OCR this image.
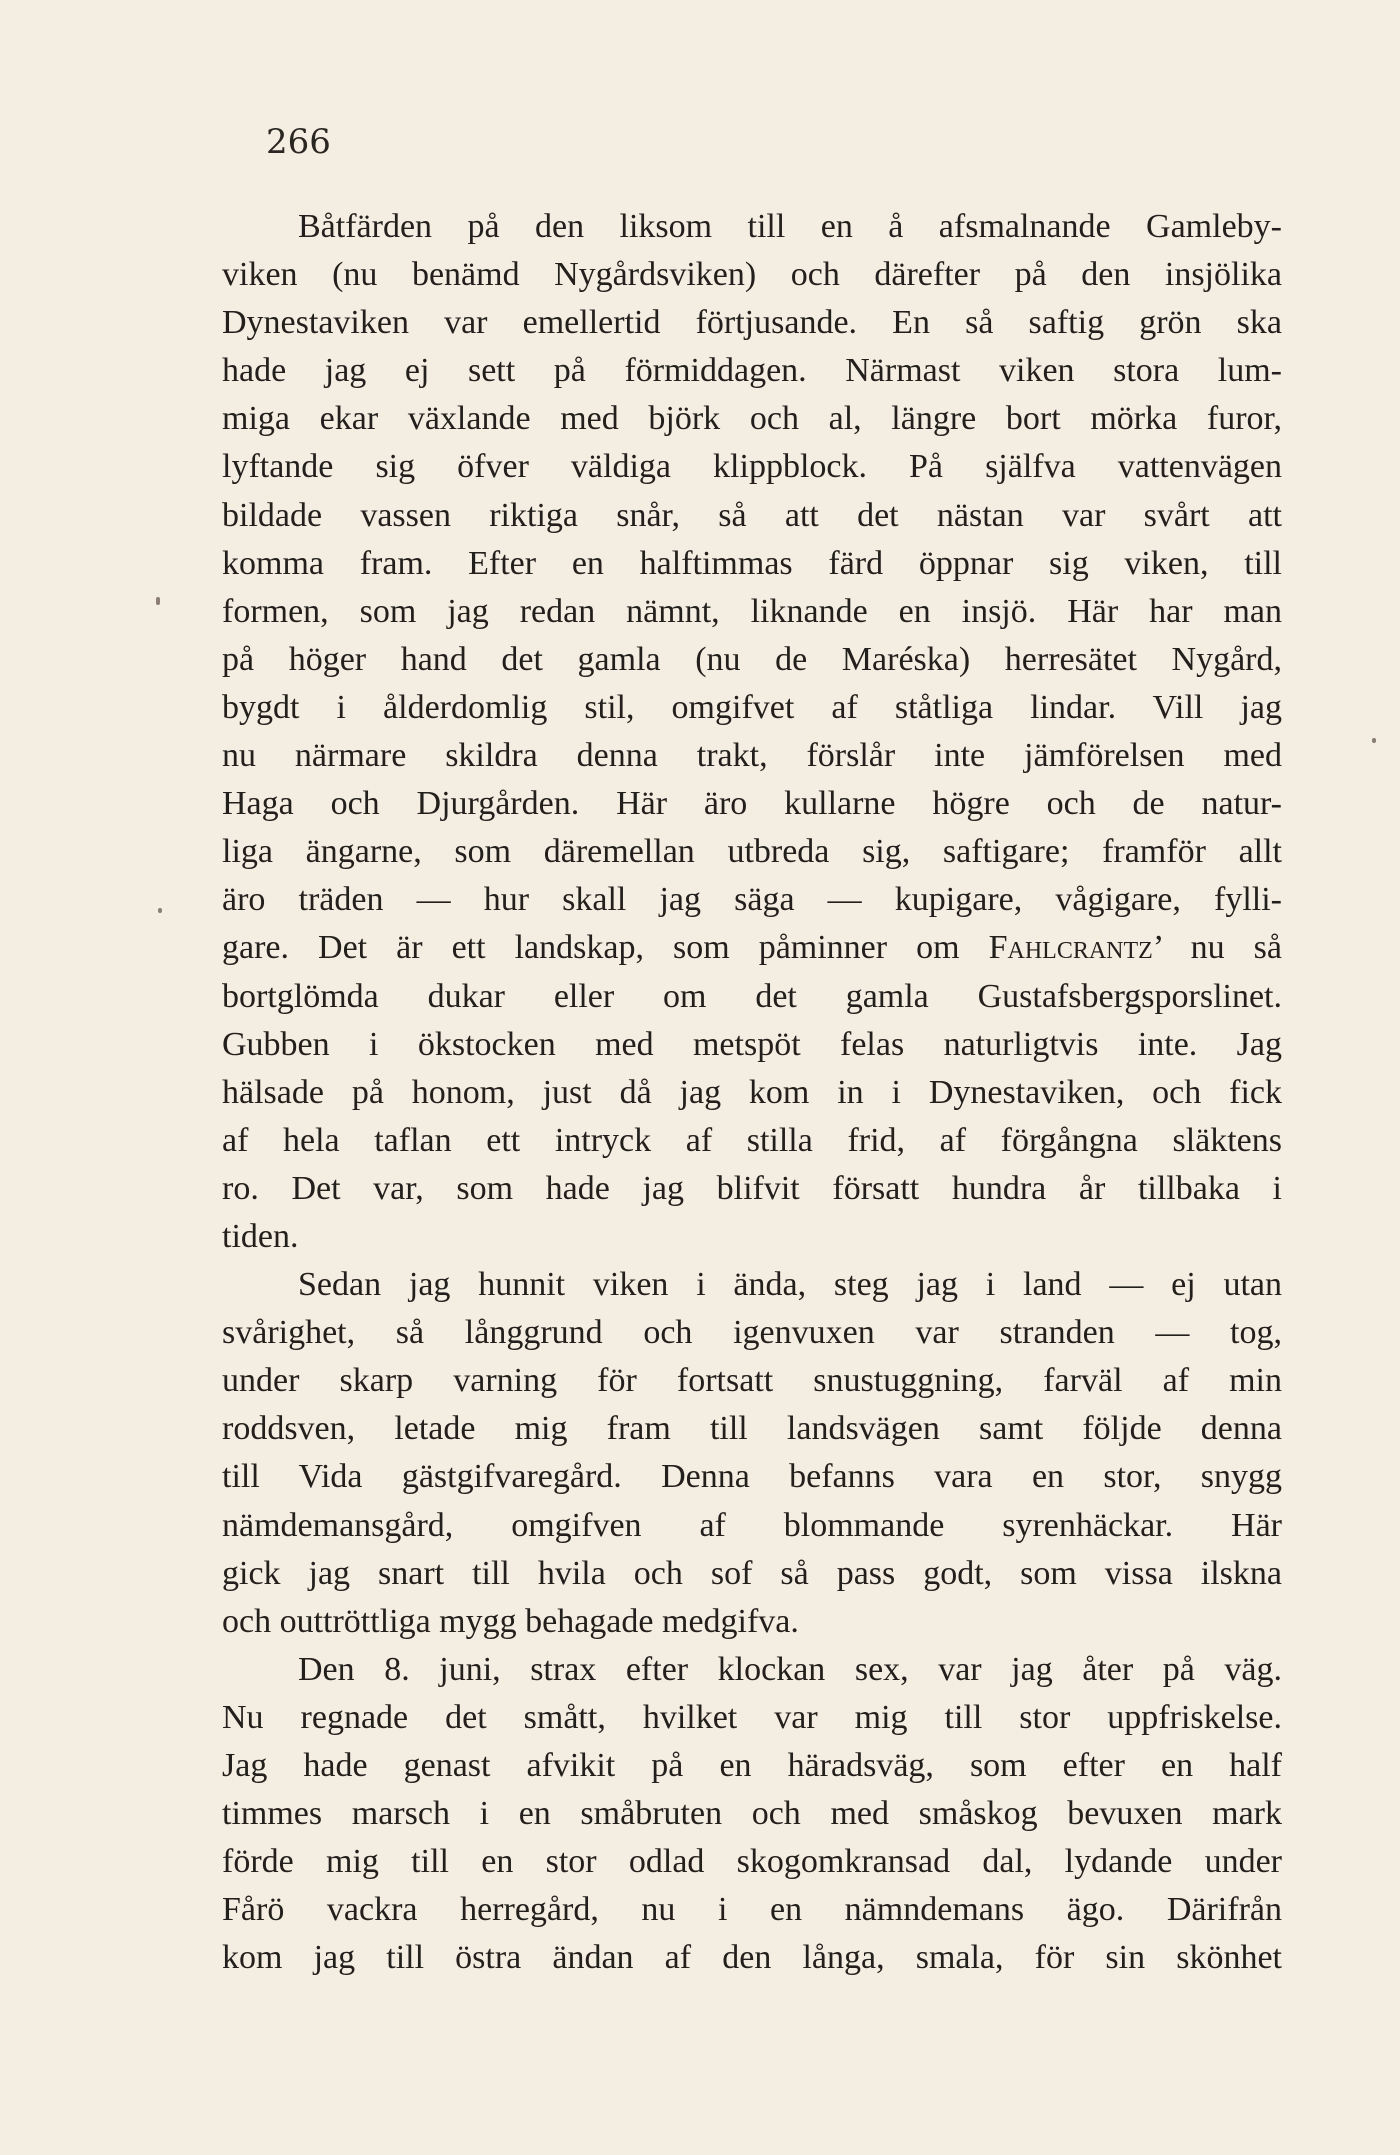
266
Båtfärden på den liksom till en å afsmalnande Gamleby-
viken (nu benämd Nygårdsviken) och därefter på den insjölika
Dynestaviken var emellertid förtjusande. En så saftig grön ska
hade jag ej sett på förmiddagen. Närmast viken stora lum-
miga ekar växlande med björk och al, längre bort mörka furor,
lyftande sig öfver väldiga klippblock. På själfva vattenvägen
bildade vassen riktiga snår, så att det nästan var svårt att
komma fram. Efter en halftimmas färd öppnar sig viken, till
formen, som jag redan nämnt, liknande en insjö. Här har man
på höger hand det gamla (nu de Maréska) herresätet Nygård,
bygdt i ålderdomlig stil, omgifvet af ståtliga lindar. Vill jag
nu närmare skildra denna trakt, förslår inte jämförelsen med
Haga och Djurgården. Här äro kullarne högre och de natur-
liga ängarne, som däremellan utbreda sig, saftigare; framför allt
äro träden — hur skall jag säga — kupigare, vågigare, fylli-
gare. Det är ett landskap, som påminner om Fahlcrantz’ nu så
bortglömda dukar eller om det gamla Gustafsbergsporslinet.
Gubben i ökstocken med metspöt felas naturligtvis inte. Jag
hälsade på honom, just då jag kom in i Dynestaviken, och fick
af hela taflan ett intryck af stilla frid, af förgångna släktens
ro. Det var, som hade jag blifvit försatt hundra år tillbaka i
tiden.
Sedan jag hunnit viken i ända, steg jag i land — ej utan
svårighet, så långgrund och igenvuxen var stranden — tog,
under skarp varning för fortsatt snustuggning, farväl af min
roddsven, letade mig fram till landsvägen samt följde denna
till Vida gästgifvaregård. Denna befanns vara en stor, snygg
nämdemansgård, omgifven af blommande syrenhäckar. Här
gick jag snart till hvila och sof så pass godt, som vissa ilskna
och outtröttliga mygg behagade medgifva.
Den 8. juni, strax efter klockan sex, var jag åter på väg.
Nu regnade det smått, hvilket var mig till stor uppfriskelse.
Jag hade genast afvikit på en häradsväg, som efter en half
timmes marsch i en småbruten och med småskog bevuxen mark
förde mig till en stor odlad skogomkransad dal, lydande under
Fårö vackra herregård, nu i en nämndemans ägo. Därifrån
kom jag till östra ändan af den långa, smala, för sin skönhet
